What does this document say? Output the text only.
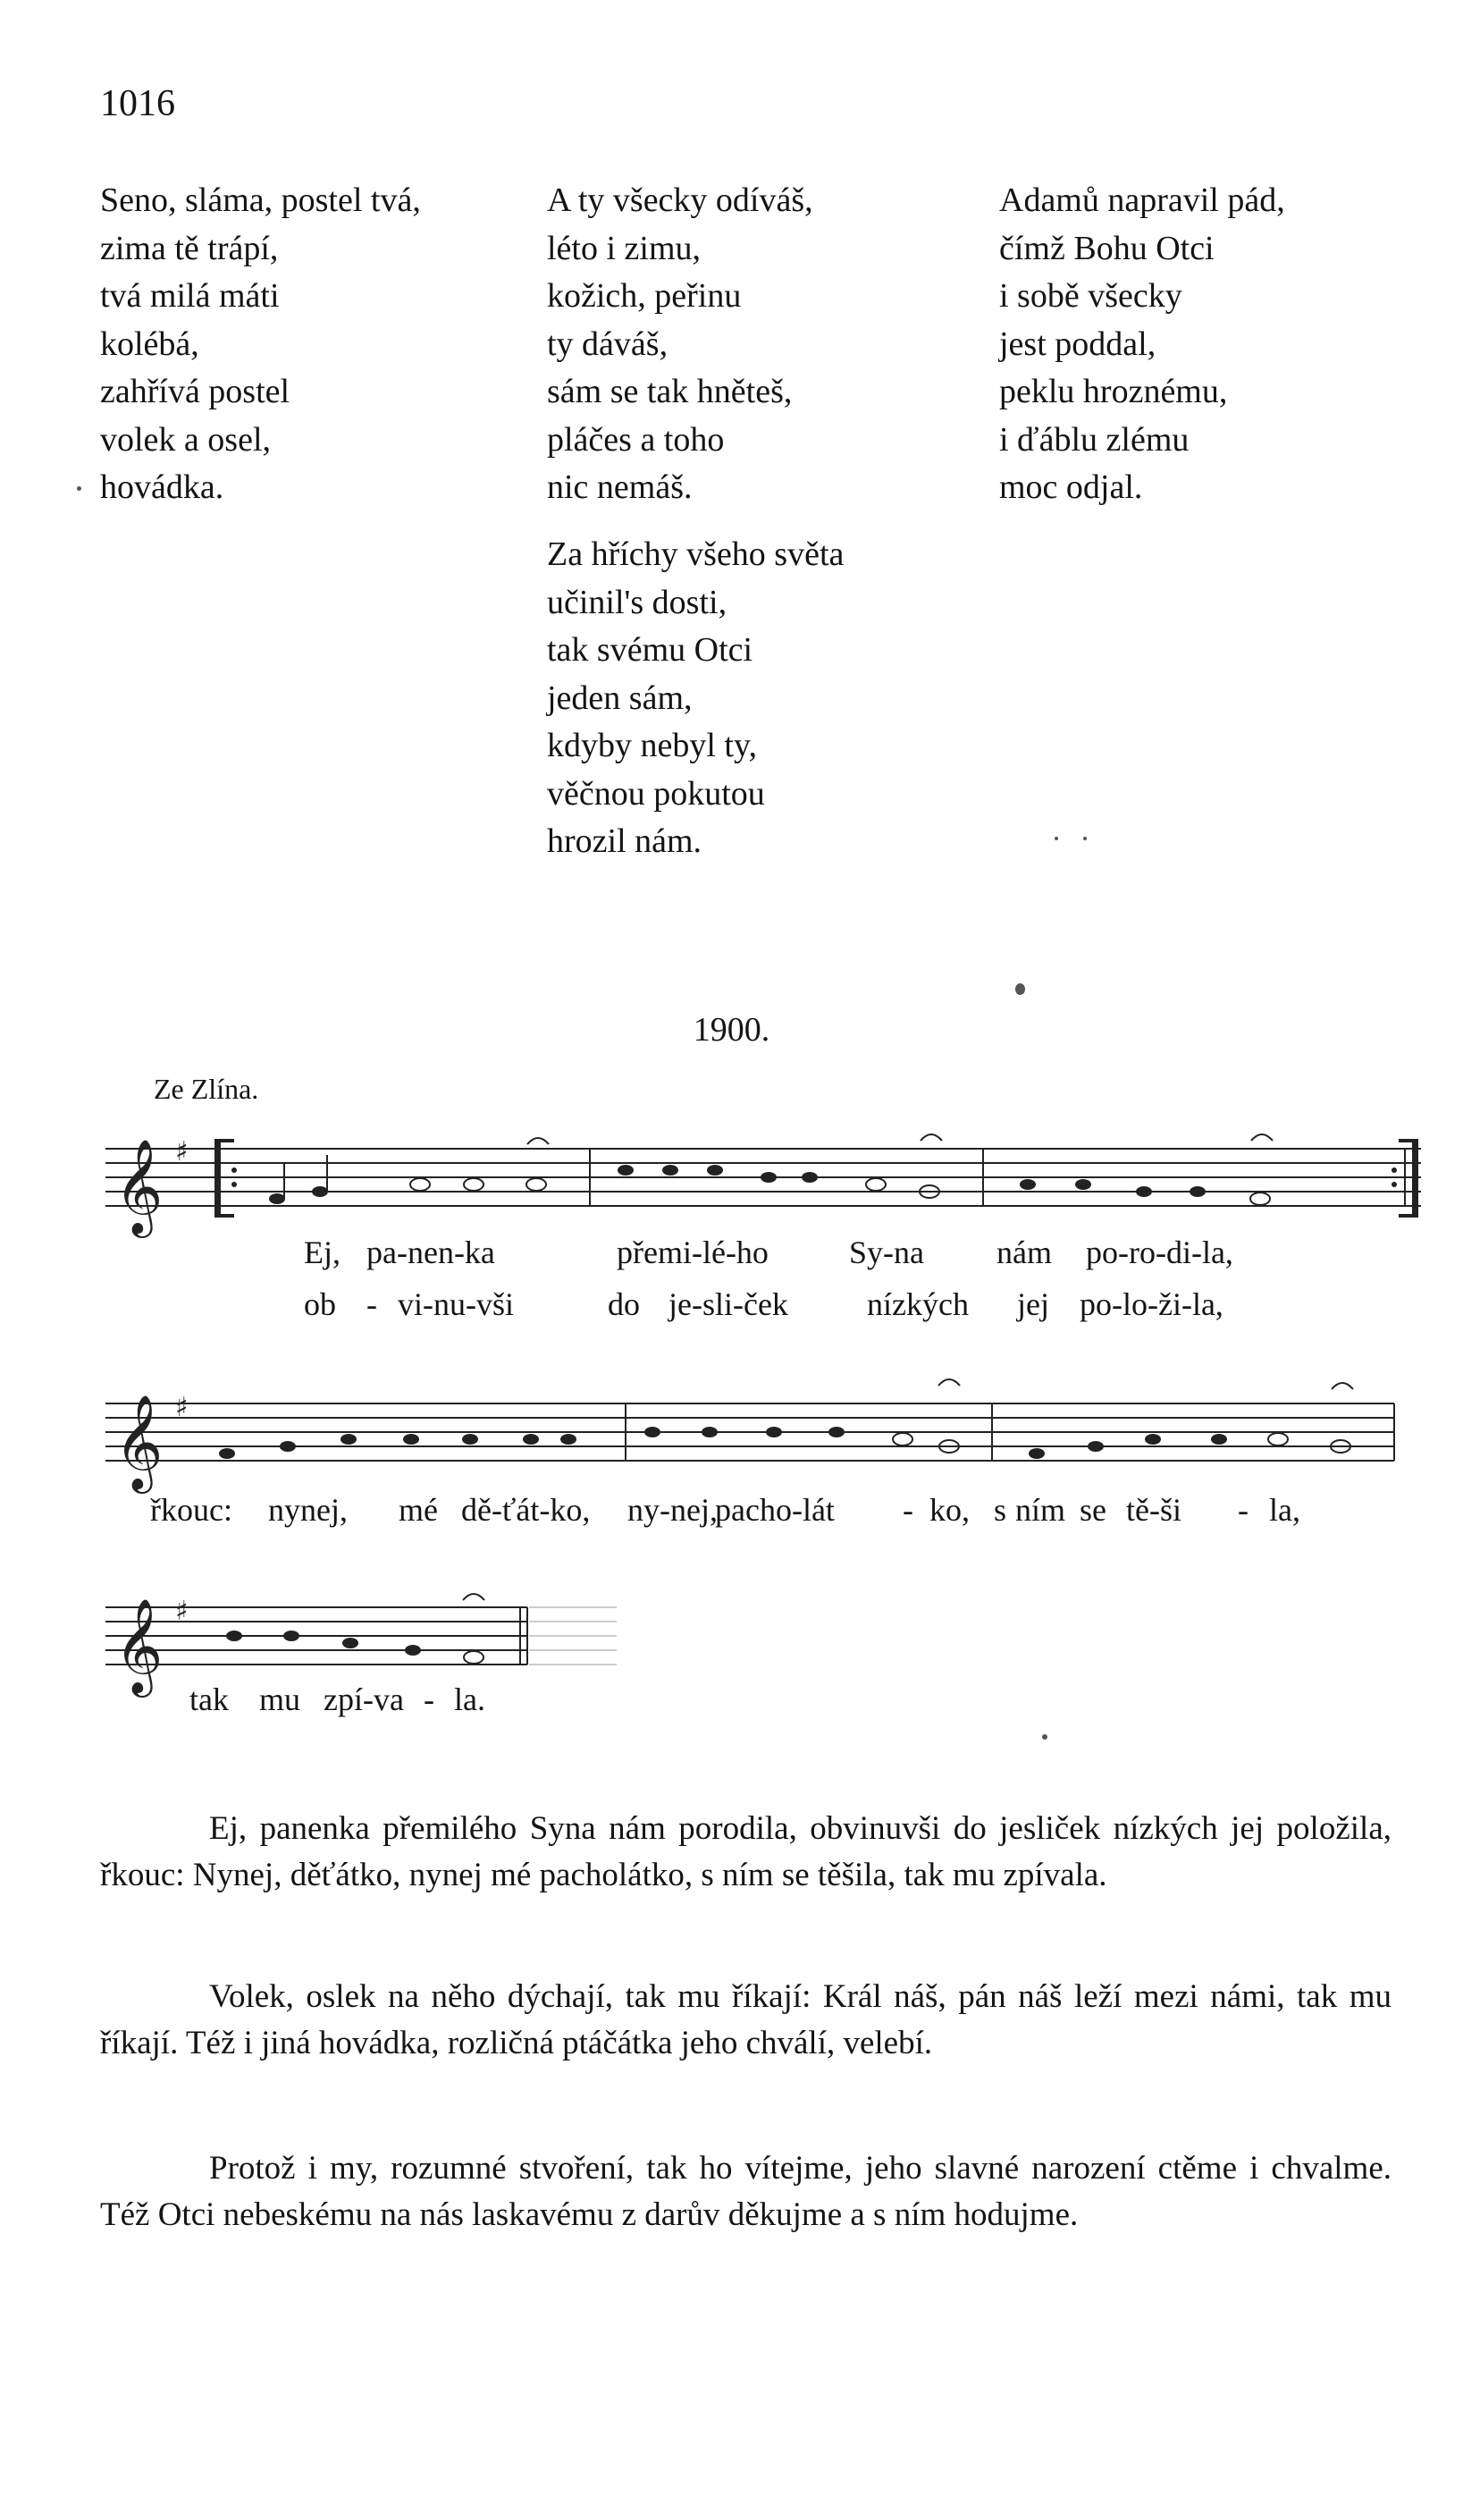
1016
Seno, sláma, postel tvá,
zima tě trápí,
tvá milá máti
kolébá,
zahřívá postel
volek a osel,
hovádka.
A ty všecky odíváš,
léto i zimu,
kožich, peřinu
ty dáváš,
sám se tak hněteš,
pláčes a toho
nic nemáš.
Za hříchy všeho světa
učinil's dosti,
tak svému Otci
jeden sám,
kdyby nebyl ty,
věčnou pokutou
hrozil nám.
Adamů napravil pád,
čímž Bohu Otci
i sobě všecky
jest poddal,
peklu hroznému,
i ďáblu zlému
moc odjal.
1900.
Ze Zlína.
𝄞 ♯
Ej, pa-nen-ka	přemi-lé-ho	Sy-na nám po-ro-di-la,
ob - vi-nu-vši	do je-sli-ček nízkých jej po-lo-ži-la,
𝄞 ♯
řkouc: nynej, mé dě-ťát-ko, ny-nej,
pacho-lát - ko, s ním se tě-ši - la,
𝄞 ♯
tak mu zpí-va - la.

Ej, panenka přemilého Syna nám porodila, obvinuvši do jesliček nízkých jej položila, řkouc: Nynej, děťátko, nynej mé pacholátko, s ním se těšila, tak mu zpívala.

Volek, oslek na něho dýchají, tak mu říkají: Král náš, pán náš leží mezi námi, tak mu říkají. Též i jiná hovádka, rozličná ptáčátka jeho chválí, velebí.

Protož i my, rozumné stvoření, tak ho vítejme, jeho slavné narození ctěme i chvalme. Též Otci nebeskému na nás laskavému z darův děkujme a s ním hodujme.
